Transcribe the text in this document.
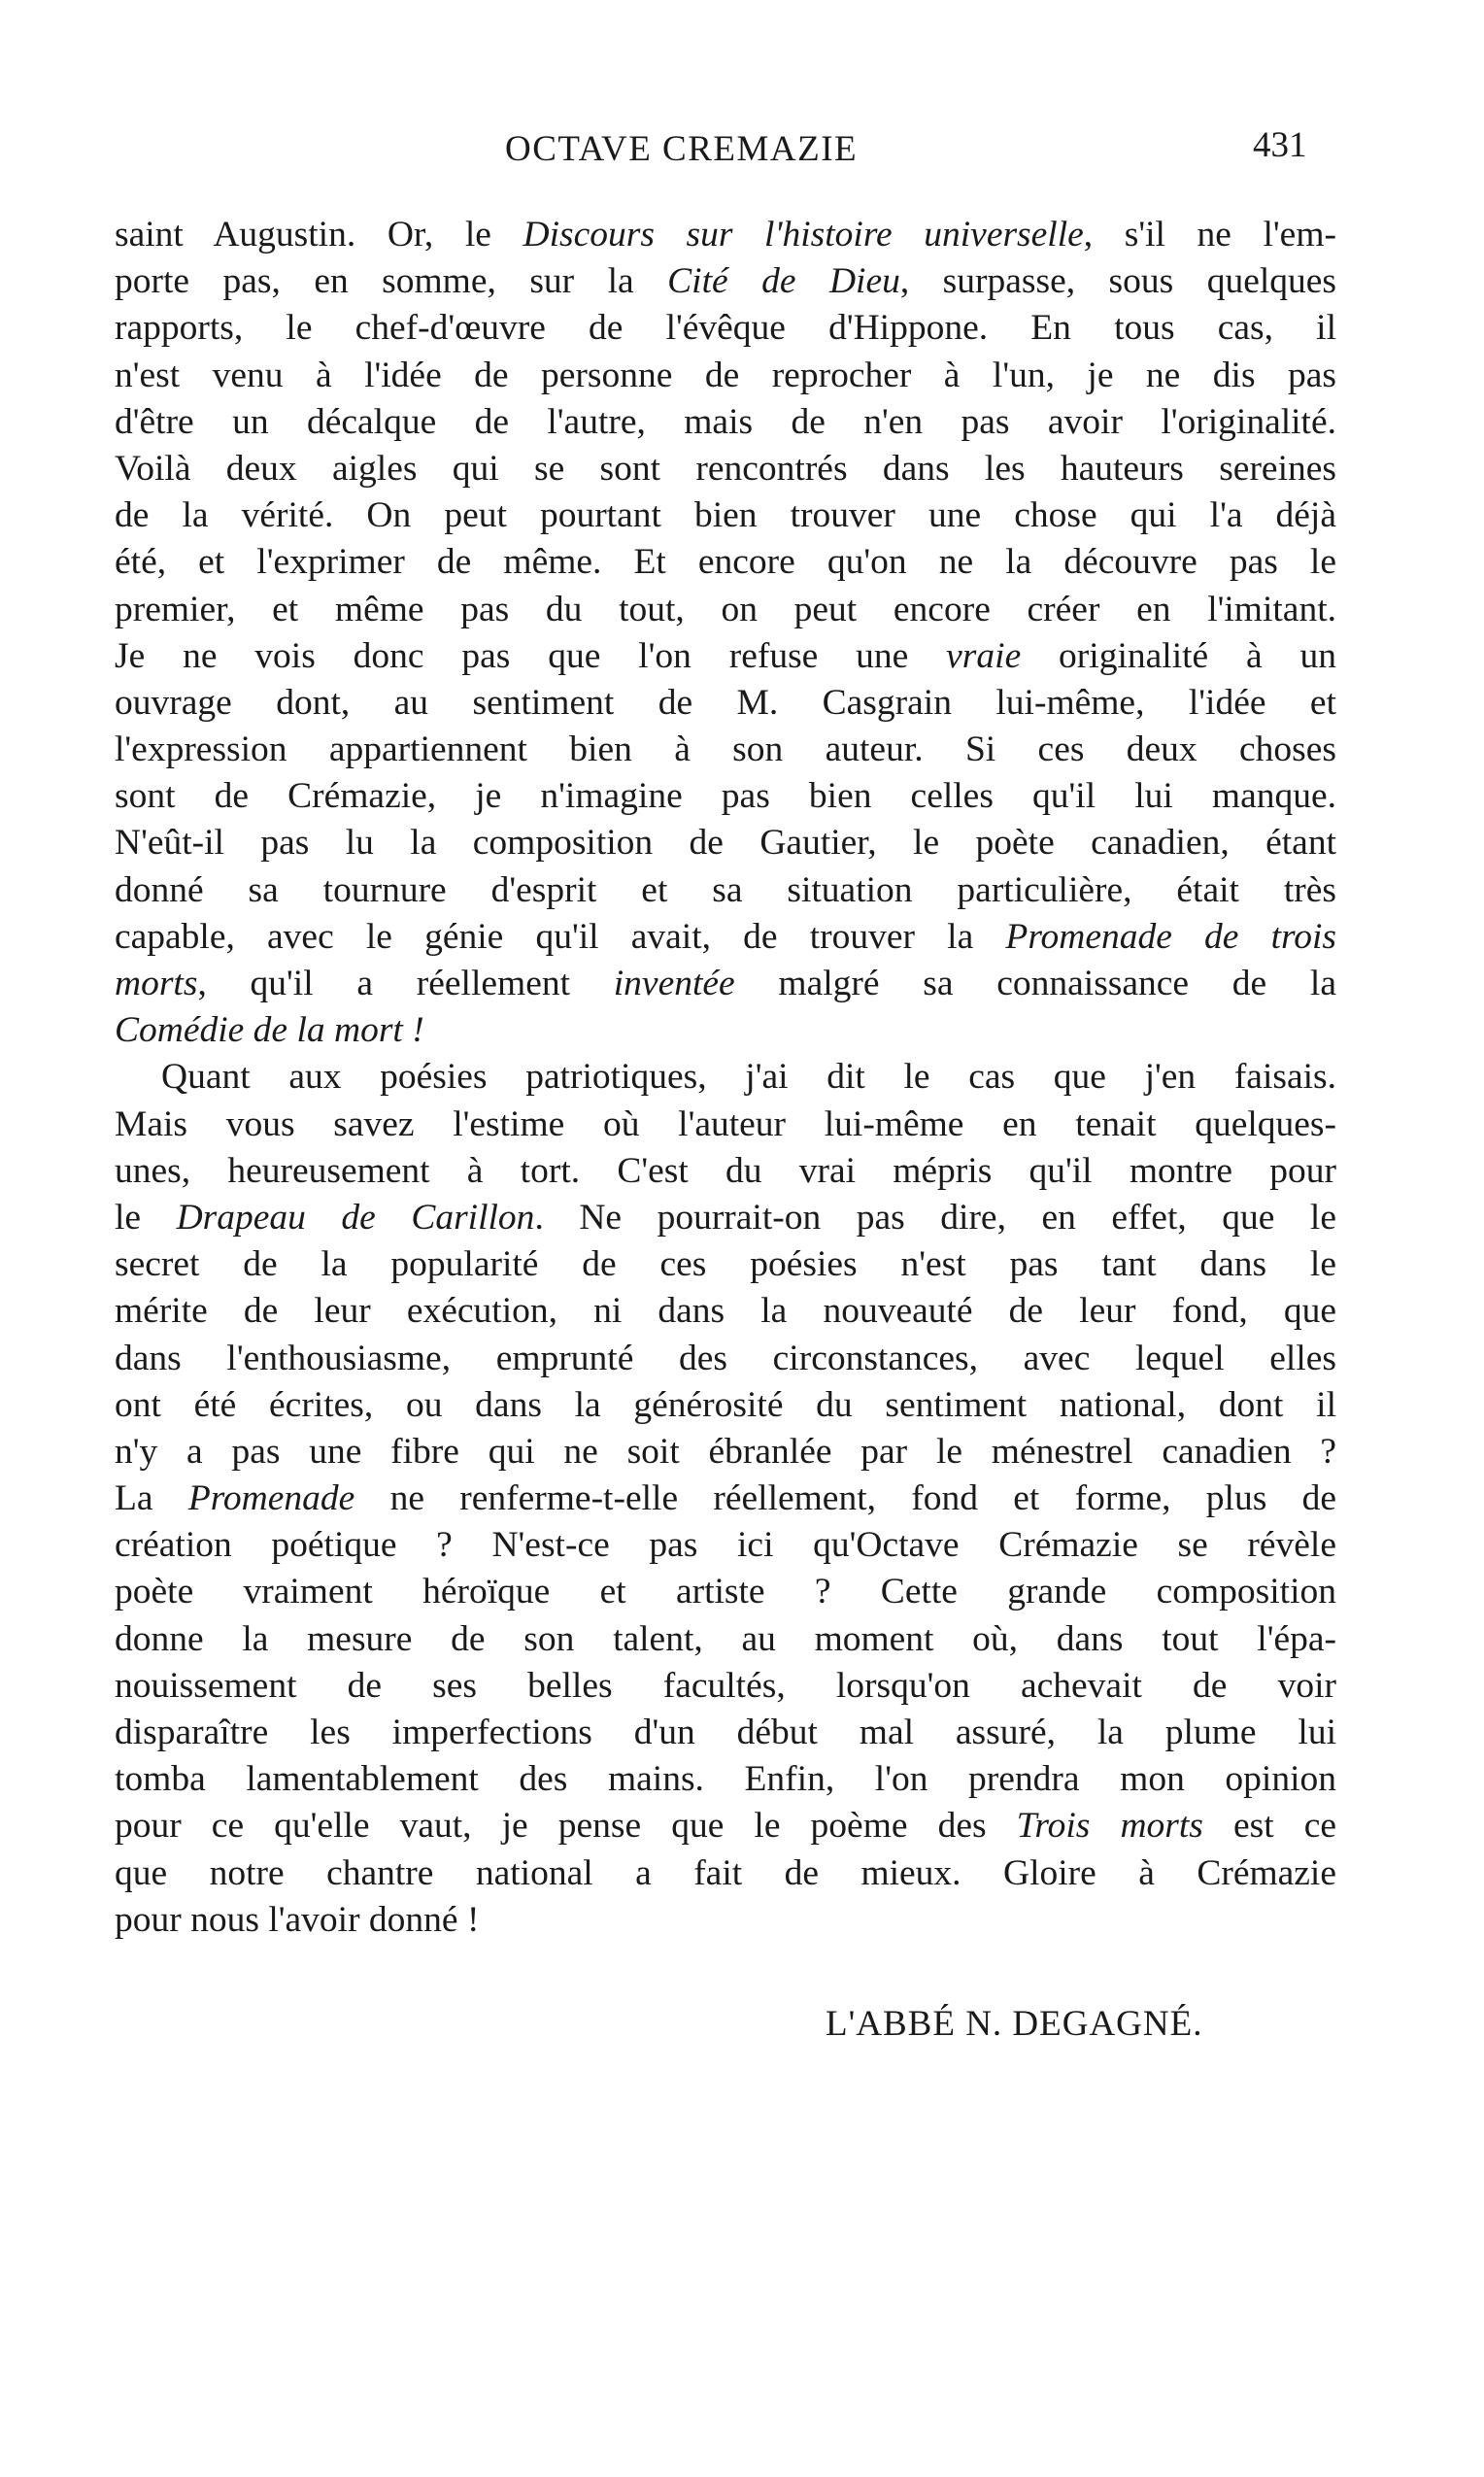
OCTAVE CREMAZIE	431
saint Augustin. Or, le Discours sur l'histoire universelle, s'il ne l'em-
porte pas, en somme, sur la Cité de Dieu, surpasse, sous quelques
rapports, le chef-d'œuvre de l'évêque d'Hippone. En tous cas, il
n'est venu à l'idée de personne de reprocher à l'un, je ne dis pas
d'être un décalque de l'autre, mais de n'en pas avoir l'originalité.
Voilà deux aigles qui se sont rencontrés dans les hauteurs sereines
de la vérité. On peut pourtant bien trouver une chose qui l'a déjà
été, et l'exprimer de même. Et encore qu'on ne la découvre pas le
premier, et même pas du tout, on peut encore créer en l'imitant.
Je ne vois donc pas que l'on refuse une vraie originalité à un
ouvrage dont, au sentiment de M. Casgrain lui-même, l'idée et
l'expression appartiennent bien à son auteur. Si ces deux choses
sont de Crémazie, je n'imagine pas bien celles qu'il lui manque.
N'eût-il pas lu la composition de Gautier, le poète canadien, étant
donné sa tournure d'esprit et sa situation particulière, était très
capable, avec le génie qu'il avait, de trouver la Promenade de trois
morts, qu'il a réellement inventée malgré sa connaissance de la
Comédie de la mort !
Quant aux poésies patriotiques, j'ai dit le cas que j'en faisais.
Mais vous savez l'estime où l'auteur lui-même en tenait quelques-
unes, heureusement à tort. C'est du vrai mépris qu'il montre pour
le Drapeau de Carillon. Ne pourrait-on pas dire, en effet, que le
secret de la popularité de ces poésies n'est pas tant dans le
mérite de leur exécution, ni dans la nouveauté de leur fond, que
dans l'enthousiasme, emprunté des circonstances, avec lequel elles
ont été écrites, ou dans la générosité du sentiment national, dont il
n'y a pas une fibre qui ne soit ébranlée par le ménestrel canadien ?
La Promenade ne renferme-t-elle réellement, fond et forme, plus de
création poétique ? N'est-ce pas ici qu'Octave Crémazie se révèle
poète vraiment héroïque et artiste ? Cette grande composition
donne la mesure de son talent, au moment où, dans tout l'épa-
nouissement de ses belles facultés, lorsqu'on achevait de voir
disparaître les imperfections d'un début mal assuré, la plume lui
tomba lamentablement des mains. Enfin, l'on prendra mon opinion
pour ce qu'elle vaut, je pense que le poème des Trois morts est ce
que notre chantre national a fait de mieux. Gloire à Crémazie
pour nous l'avoir donné !
L'ABBÉ N. DEGAGNÉ.
